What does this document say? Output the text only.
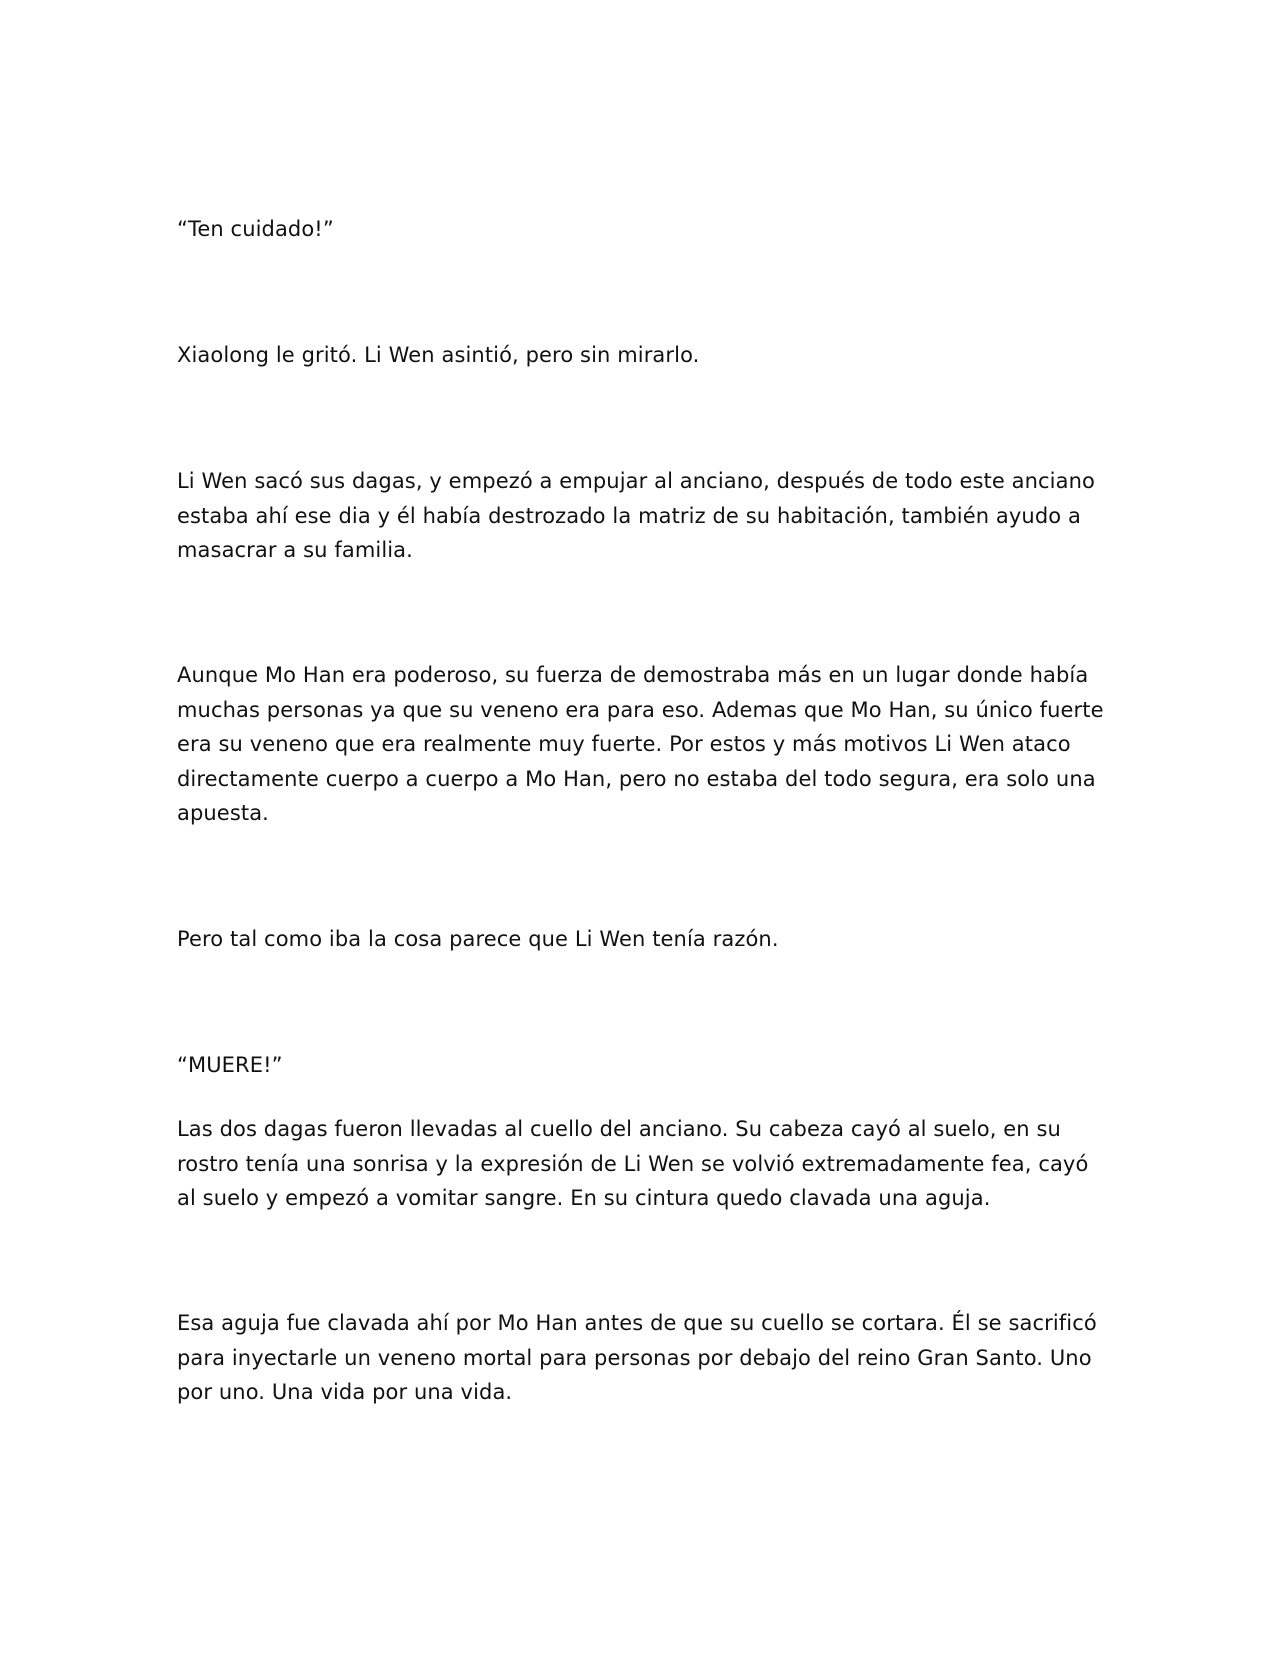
“Ten cuidado!”

Xiaolong le gritó. Li Wen asintió, pero sin mirarlo.

Li Wen sacó sus dagas, y empezó a empujar al anciano, después de todo este anciano estaba ahí ese dia y él había destrozado la matriz de su habitación, también ayudo a masacrar a su familia.

Aunque Mo Han era poderoso, su fuerza de demostraba más en un lugar donde había muchas personas ya que su veneno era para eso. Ademas que Mo Han, su único fuerte era su veneno que era realmente muy fuerte. Por estos y más motivos Li Wen ataco directamente cuerpo a cuerpo a Mo Han, pero no estaba del todo segura, era solo una apuesta.

Pero tal como iba la cosa parece que Li Wen tenía razón.

“MUERE!”

Las dos dagas fueron llevadas al cuello del anciano. Su cabeza cayó al suelo, en su rostro tenía una sonrisa y la expresión de Li Wen se volvió extremadamente fea, cayó al suelo y empezó a vomitar sangre. En su cintura quedo clavada una aguja.

Esa aguja fue clavada ahí por Mo Han antes de que su cuello se cortara. Él se sacrificó para inyectarle un veneno mortal para personas por debajo del reino Gran Santo. Uno por uno. Una vida por una vida.
